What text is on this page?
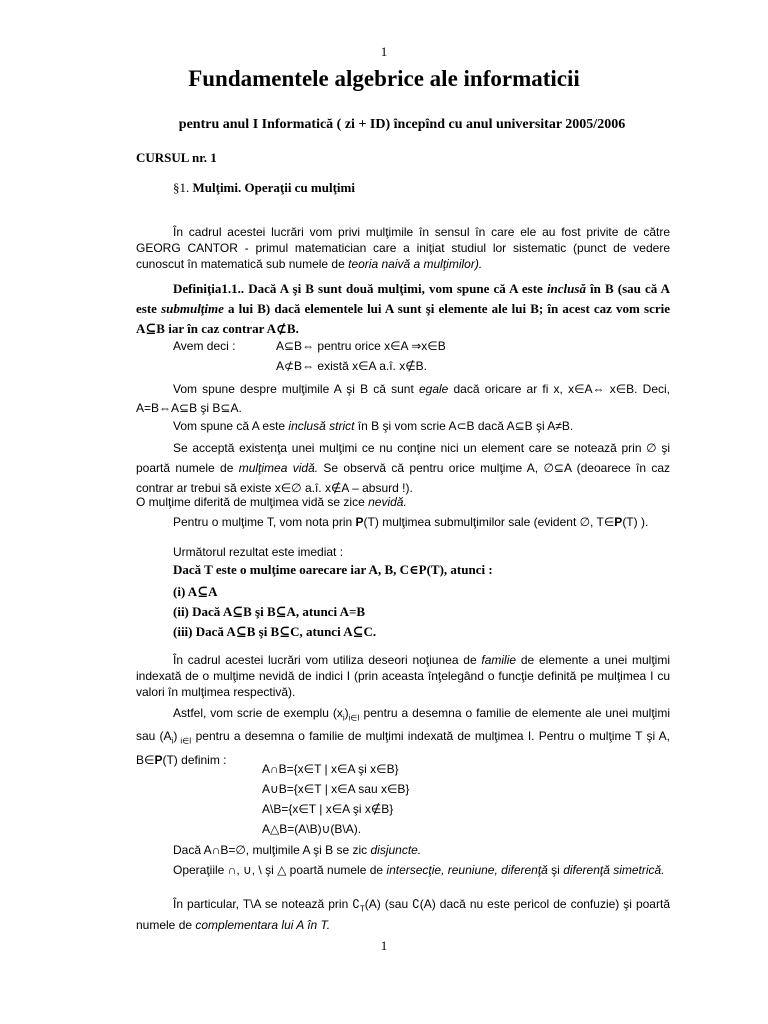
1
Fundamentele algebrice ale informaticii
pentru anul I Informatică ( zi + ID) începînd cu anul universitar 2005/2006
CURSUL nr. 1
§1. Mulţimi. Operaţii cu mulţimi
În cadrul acestei lucrări vom privi mulţimile în sensul în care ele au fost privite de către GEORG CANTOR - primul matematician care a iniţiat studiul lor sistematic (punct de vedere cunoscut în matematică sub numele de teoria naivă a mulţimilor).
Definiţia1.1.. Dacă A şi B sunt două mulţimi, vom spune că A este inclusă în B (sau că A este submulţime a lui B) dacă elementele lui A sunt şi elemente ale lui B; în acest caz vom scrie A⊆B iar în caz contrar A⊄B.
Avem deci :	A⊆B⇔ pentru orice x∈A ⇒x∈B
A⊄B⇔ există x∈A a.î. x∉B.
Vom spune despre mulţimile A şi B că sunt egale dacă oricare ar fi x, x∈A⇔ x∈B. Deci, A=B⇔A⊆B şi B⊆A.
Vom spune că A este inclusă strict în B şi vom scrie A⊂B dacă A⊆B şi A≠B.
Se acceptă existenţa unei mulţimi ce nu conţine nici un element care se notează prin ∅ şi poartă numele de mulţimea vidă. Se observă că pentru orice mulţime A, ∅⊆A (deoarece în caz contrar ar trebui să existe x∈∅ a.î. x∉A – absurd !).
O mulţime diferită de mulţimea vidă se zice nevidă.
Pentru o mulţime T, vom nota prin P(T) mulţimea submulţimilor sale (evident ∅, T∈P(T) ).
Următorul rezultat este imediat :
Dacă T este o mulţime oarecare iar A, B, C∈P(T), atunci :
(i) A⊆A
(ii) Dacă A⊆B şi B⊆A, atunci A=B
(iii) Dacă A⊆B şi B⊆C, atunci A⊆C.
În cadrul acestei lucrări vom utiliza deseori noţiunea de familie de elemente a unei mulţimi indexată de o mulţime nevidă de indici I (prin aceasta înţelegând o funcţie definită pe mulţimea I cu valori în mulţimea respectivă).
Astfel, vom scrie de exemplu $(x_i)_{i\in I}$ pentru a desemna o familie de elemente ale unei mulţimi sau $(A_i)$ $_{i\in I}$ pentru a desemna o familie de mulţimi indexată de mulţimea I. Pentru o mulţime T şi A, B∈P(T) definim :
A∩B={x∈T | x∈A şi x∈B}
A∪B={x∈T | x∈A sau x∈B}
A\B={x∈T | x∈A şi x∉B}
A△B=(A\B)∪(B\A).
Dacă A∩B=∅, mulţimile A şi B se zic disjuncte.
Operaţiile ∩, ∪, \ şi △ poartă numele de intersecţie, reuniune, diferenţă şi diferenţă simetrică.
În particular, T\A se notează prin $∁_T(A)$ (sau ∁(A) dacă nu este pericol de confuzie) şi poartă numele de complementara lui A în T.
1
